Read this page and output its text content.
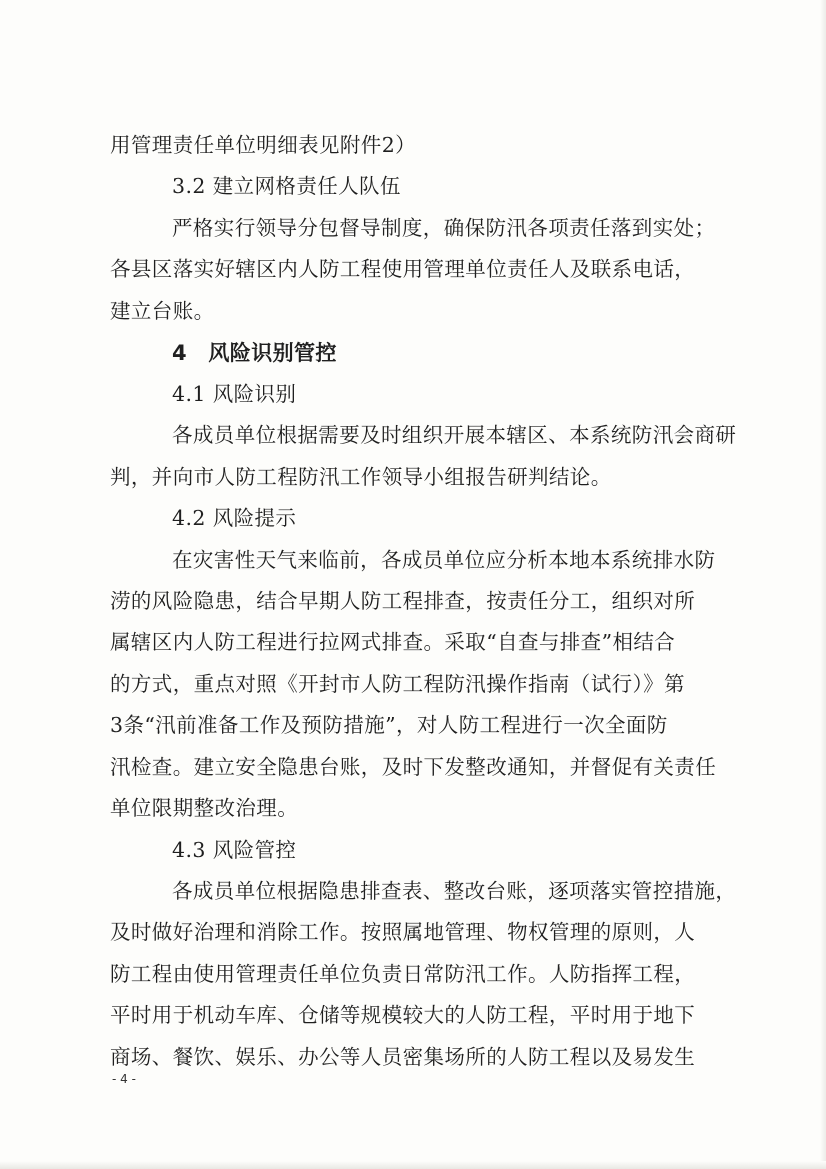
用管理责任单位明细表见附件2）
3.2 建立网格责任人队伍
严格实行领导分包督导制度，确保防汛各项责任落到实处；
各县区落实好辖区内人防工程使用管理单位责任人及联系电话，
建立台账。
4　风险识别管控
4.1 风险识别
各成员单位根据需要及时组织开展本辖区、本系统防汛会商研
判，并向市人防工程防汛工作领导小组报告研判结论。
4.2 风险提示
在灾害性天气来临前，各成员单位应分析本地本系统排水防
涝的风险隐患，结合早期人防工程排查，按责任分工，组织对所
属辖区内人防工程进行拉网式排查。采取“自查与排查”相结合
的方式，重点对照《开封市人防工程防汛操作指南（试行）》第
3条“汛前准备工作及预防措施”，对人防工程进行一次全面防
汛检查。建立安全隐患台账，及时下发整改通知，并督促有关责任
单位限期整改治理。
4.3 风险管控
各成员单位根据隐患排查表、整改台账，逐项落实管控措施，
及时做好治理和消除工作。按照属地管理、物权管理的原则，人
防工程由使用管理责任单位负责日常防汛工作。人防指挥工程，
平时用于机动车库、仓储等规模较大的人防工程，平时用于地下
商场、餐饮、娱乐、办公等人员密集场所的人防工程以及易发生
- 4 -
